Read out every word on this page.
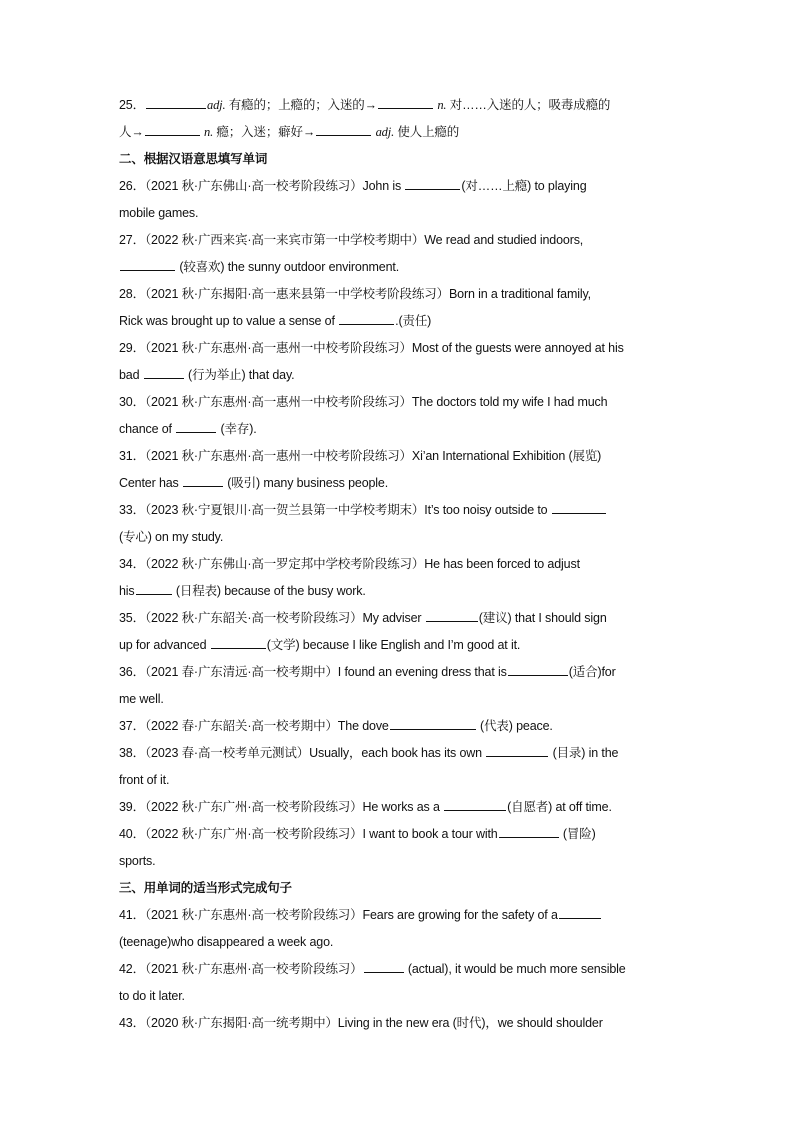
25．	adj. 有瘾的；上瘾的；入迷的→	n. 对……入迷的人；吸毒成瘾的
人→	n. 瘾；入迷；癖好→	adj. 使人上瘾的
二、根据汉语意思填写单词
26．（2021 秋·广东佛山·高一校考阶段练习）John is	(对……上瘾) to playing
mobile games.
27．（2022 秋·广西来宾·高一来宾市第一中学校考期中）We read and studied indoors,
(较喜欢) the sunny outdoor environment.
28．（2021 秋·广东揭阳·高一惠来县第一中学校考阶段练习）Born in a traditional family,
Rick was brought up to value a sense of	.(责任)
29．（2021 秋·广东惠州·高一惠州一中校考阶段练习）Most of the guests were annoyed at his
bad	(行为举止) that day.
30．（2021 秋·广东惠州·高一惠州一中校考阶段练习）The doctors told my wife I had much
chance of	(幸存).
31．（2021 秋·广东惠州·高一惠州一中校考阶段练习）Xi’an International Exhibition (展览)
Center has	(吸引) many business people.
33．（2023 秋·宁夏银川·高一贺兰县第一中学校考期末）It’s too noisy outside to
(专心) on my study.
34．（2022 秋·广东佛山·高一罗定邦中学校考阶段练习）He has been forced to adjust
his	(日程表) because of the busy work.
35．（2022 秋·广东韶关·高一校考阶段练习）My adviser	(建议) that I should sign
up for advanced	(文学) because I like English and I’m good at it.
36．（2021 春·广东清远·高一校考期中）I found an evening dress that is	(适合)for
me well.
37．（2022 春·广东韶关·高一校考期中）The dove	(代表) peace.
38．（2023 春·高一校考单元测试）Usually，each book has its own	(目录) in the
front of it.
39．（2022 秋·广东广州·高一校考阶段练习）He works as a	(自愿者) at off time.
40．（2022 秋·广东广州·高一校考阶段练习）I want to book a tour with	(冒险)
sports.
三、用单词的适当形式完成句子
41．（2021 秋·广东惠州·高一校考阶段练习）Fears are growing for the safety of a
(teenage)who disappeared a week ago.
42．（2021 秋·广东惠州·高一校考阶段练习）	(actual), it would be much more sensible
to do it later.
43．（2020 秋·广东揭阳·高一统考期中）Living in the new era (时代)，we should shoulder
